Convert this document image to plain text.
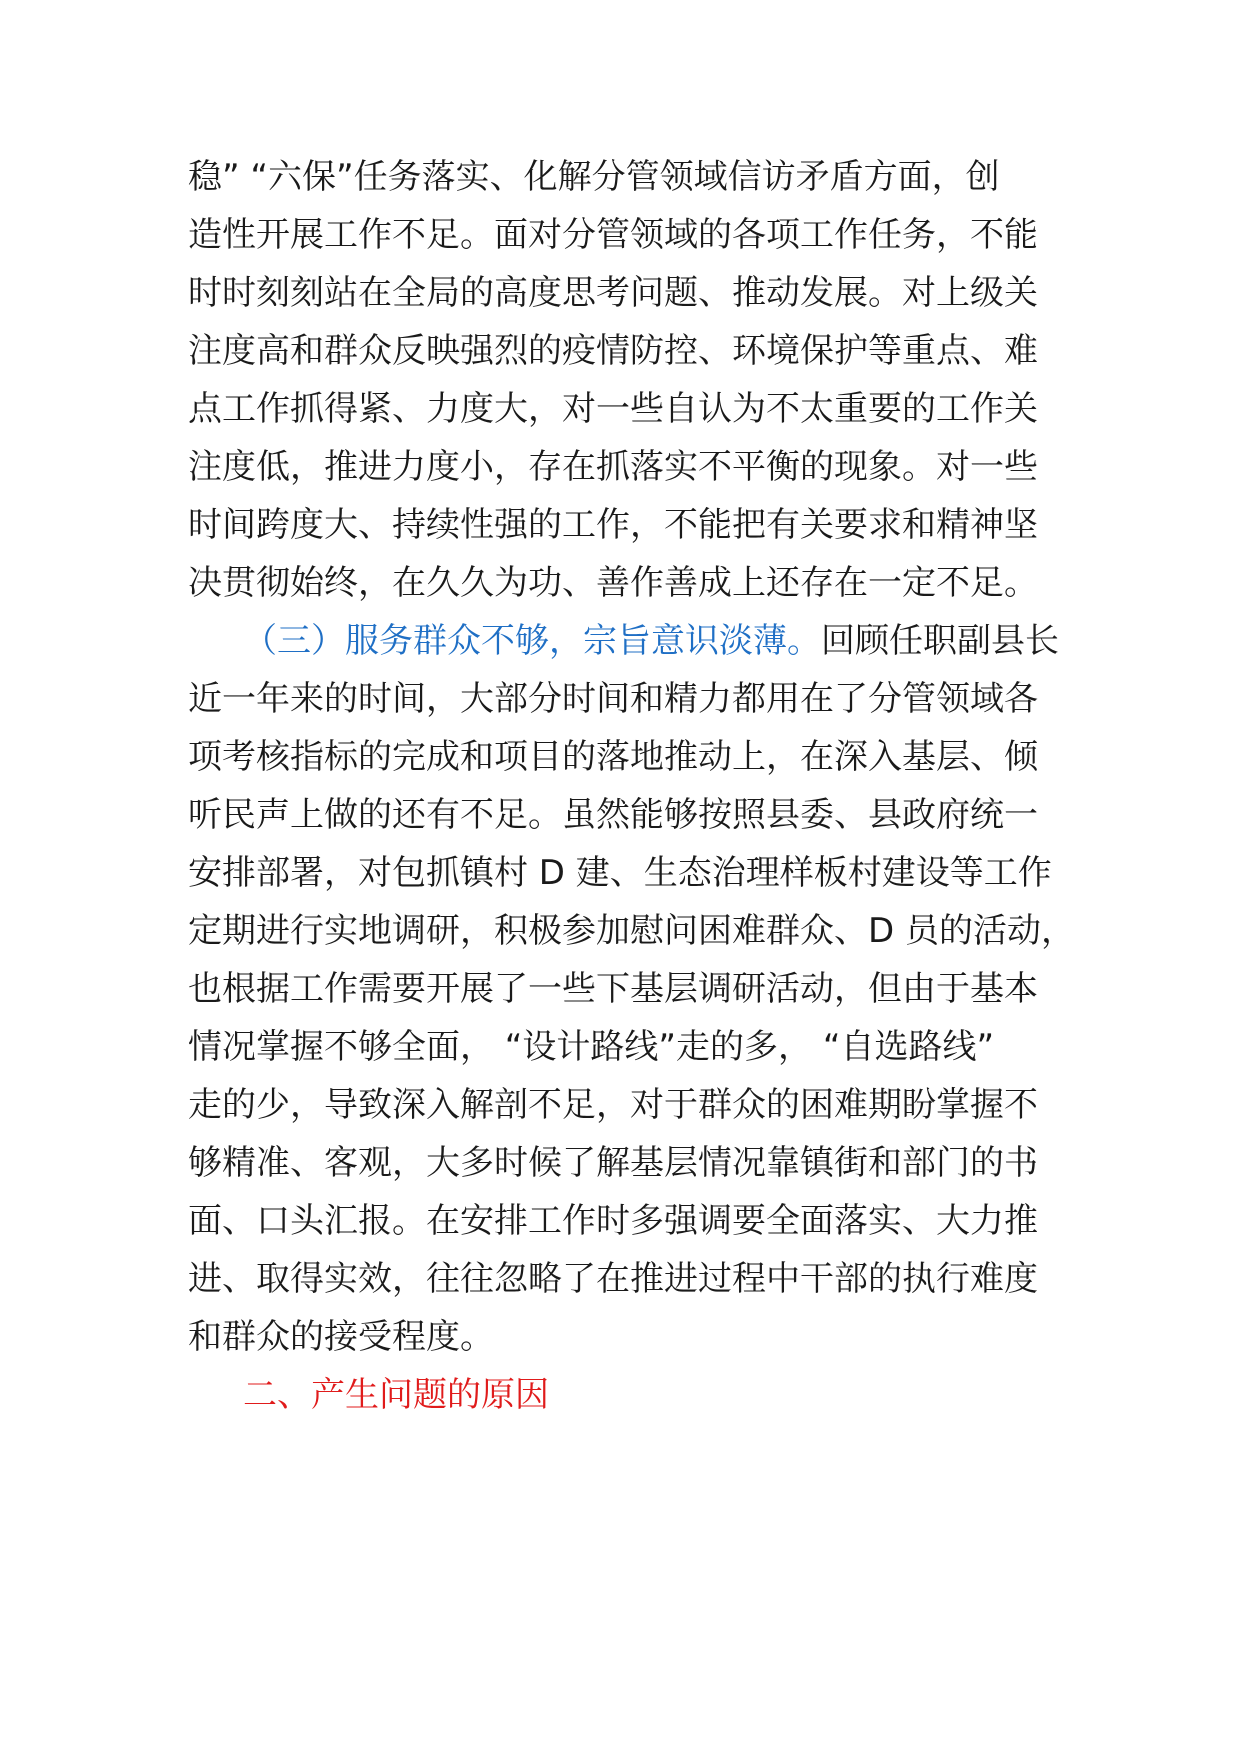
稳” “六保”任务落实、化解分管领域信访矛盾方面，创
造性开展工作不足。面对分管领域的各项工作任务，不能
时时刻刻站在全局的高度思考问题、推动发展。对上级关
注度高和群众反映强烈的疫情防控、环境保护等重点、难
点工作抓得紧、力度大，对一些自认为不太重要的工作关
注度低，推进力度小，存在抓落实不平衡的现象。对一些
时间跨度大、持续性强的工作，不能把有关要求和精神坚
决贯彻始终，在久久为功、善作善成上还存在一定不足。
（三）服务群众不够，宗旨意识淡薄。回顾任职副县长
近一年来的时间，大部分时间和精力都用在了分管领域各
项考核指标的完成和项目的落地推动上，在深入基层、倾
听民声上做的还有不足。虽然能够按照县委、县政府统一
安排部署，对包抓镇村 D 建、生态治理样板村建设等工作
定期进行实地调研，积极参加慰问困难群众、D 员的活动，
也根据工作需要开展了一些下基层调研活动，但由于基本
情况掌握不够全面， “设计路线”走的多， “自选路线”
走的少，导致深入解剖不足，对于群众的困难期盼掌握不
够精准、客观，大多时候了解基层情况靠镇街和部门的书
面、口头汇报。在安排工作时多强调要全面落实、大力推
进、取得实效，往往忽略了在推进过程中干部的执行难度
和群众的接受程度。
二、产生问题的原因
